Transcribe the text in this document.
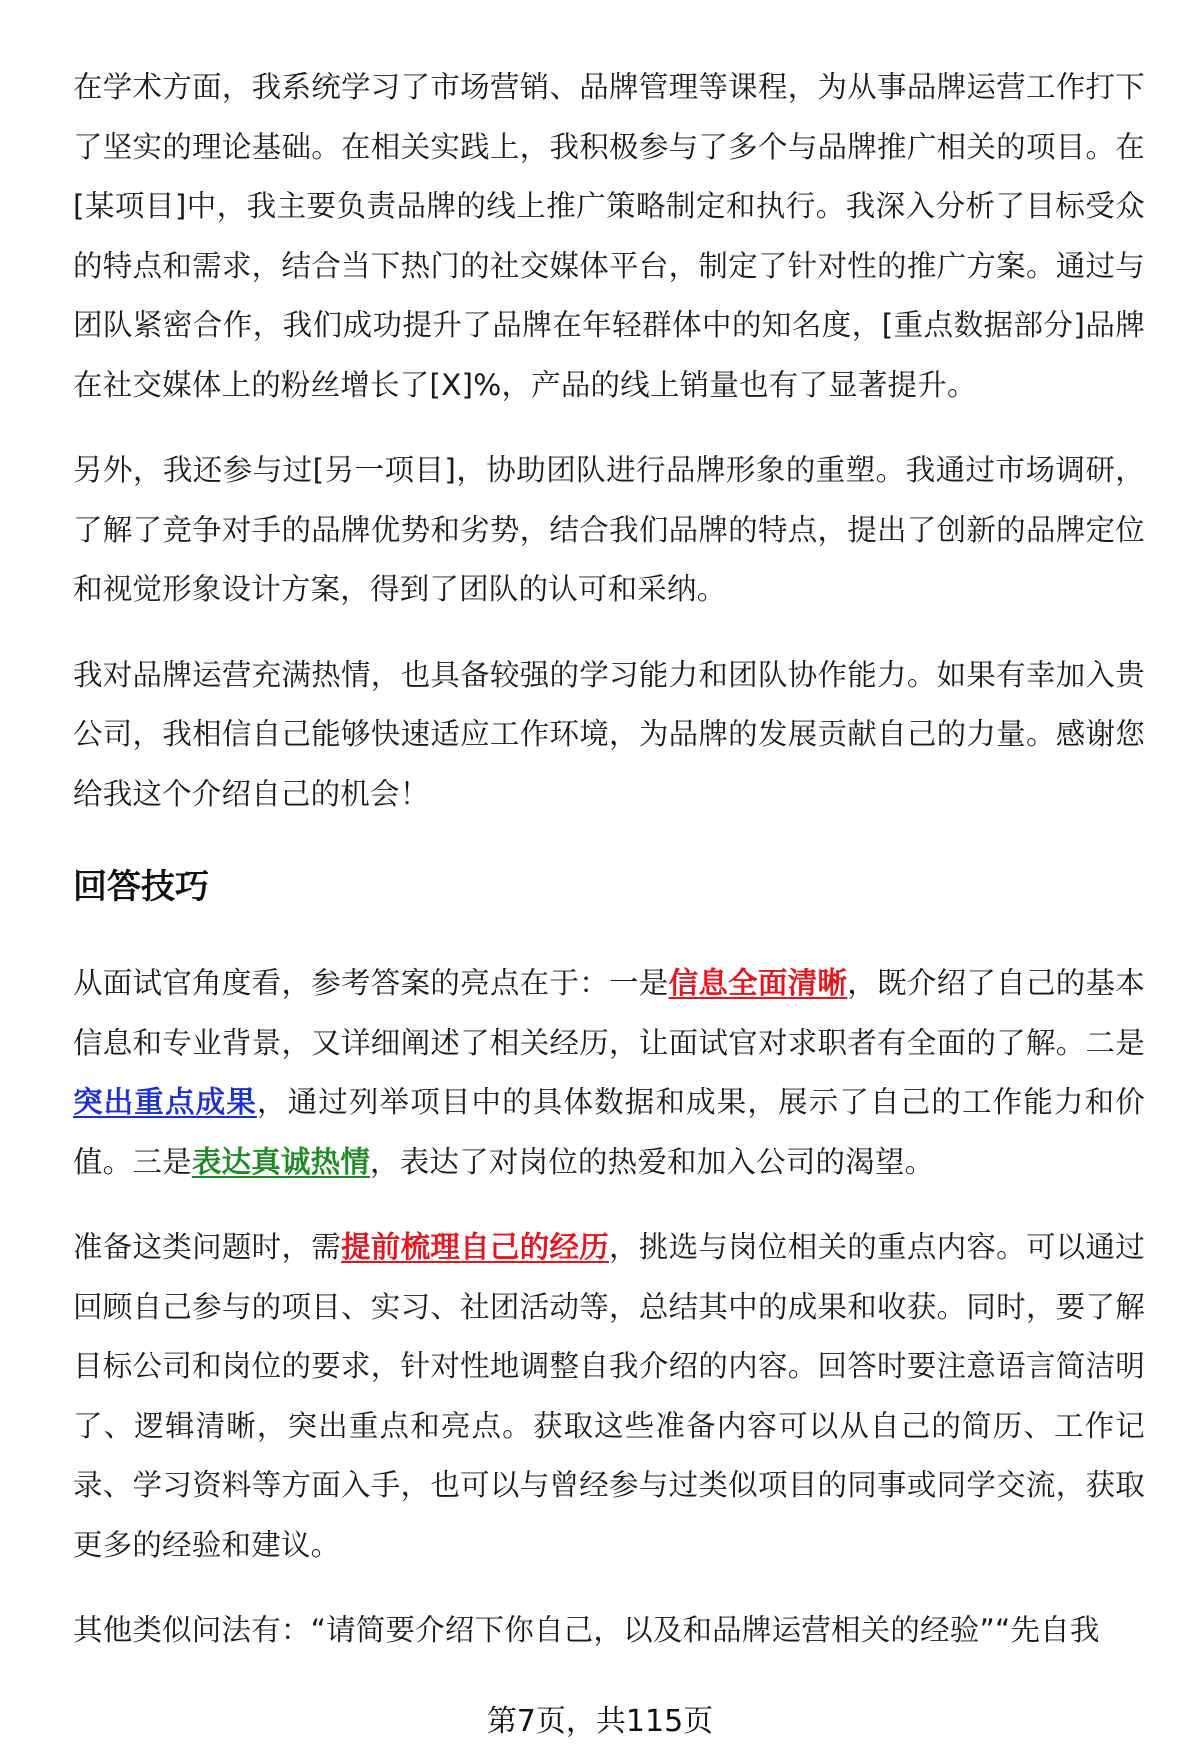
在学术方面，我系统学习了市场营销、品牌管理等课程，为从事品牌运营工作打下了坚实的理论基础。在相关实践上，我积极参与了多个与品牌推广相关的项目。在[某项目]中，我主要负责品牌的线上推广策略制定和执行。我深入分析了目标受众的特点和需求，结合当下热门的社交媒体平台，制定了针对性的推广方案。通过与团队紧密合作，我们成功提升了品牌在年轻群体中的知名度，[重点数据部分]品牌在社交媒体上的粉丝增长了[X]%，产品的线上销量也有了显著提升。

另外，我还参与过[另一项目]，协助团队进行品牌形象的重塑。我通过市场调研，了解了竞争对手的品牌优势和劣势，结合我们品牌的特点，提出了创新的品牌定位和视觉形象设计方案，得到了团队的认可和采纳。

我对品牌运营充满热情，也具备较强的学习能力和团队协作能力。如果有幸加入贵公司，我相信自己能够快速适应工作环境，为品牌的发展贡献自己的力量。感谢您给我这个介绍自己的机会！

回答技巧

从面试官角度看，参考答案的亮点在于：一是信息全面清晰，既介绍了自己的基本信息和专业背景，又详细阐述了相关经历，让面试官对求职者有全面的了解。二是突出重点成果，通过列举项目中的具体数据和成果，展示了自己的工作能力和价值。三是表达真诚热情，表达了对岗位的热爱和加入公司的渴望。

准备这类问题时，需提前梳理自己的经历，挑选与岗位相关的重点内容。可以通过回顾自己参与的项目、实习、社团活动等，总结其中的成果和收获。同时，要了解目标公司和岗位的要求，针对性地调整自我介绍的内容。回答时要注意语言简洁明了、逻辑清晰，突出重点和亮点。获取这些准备内容可以从自己的简历、工作记录、学习资料等方面入手，也可以与曾经参与过类似项目的同事或同学交流，获取更多的经验和建议。

其他类似问法有：“请简要介绍下你自己，以及和品牌运营相关的经验”“先自我

第7页，共115页
